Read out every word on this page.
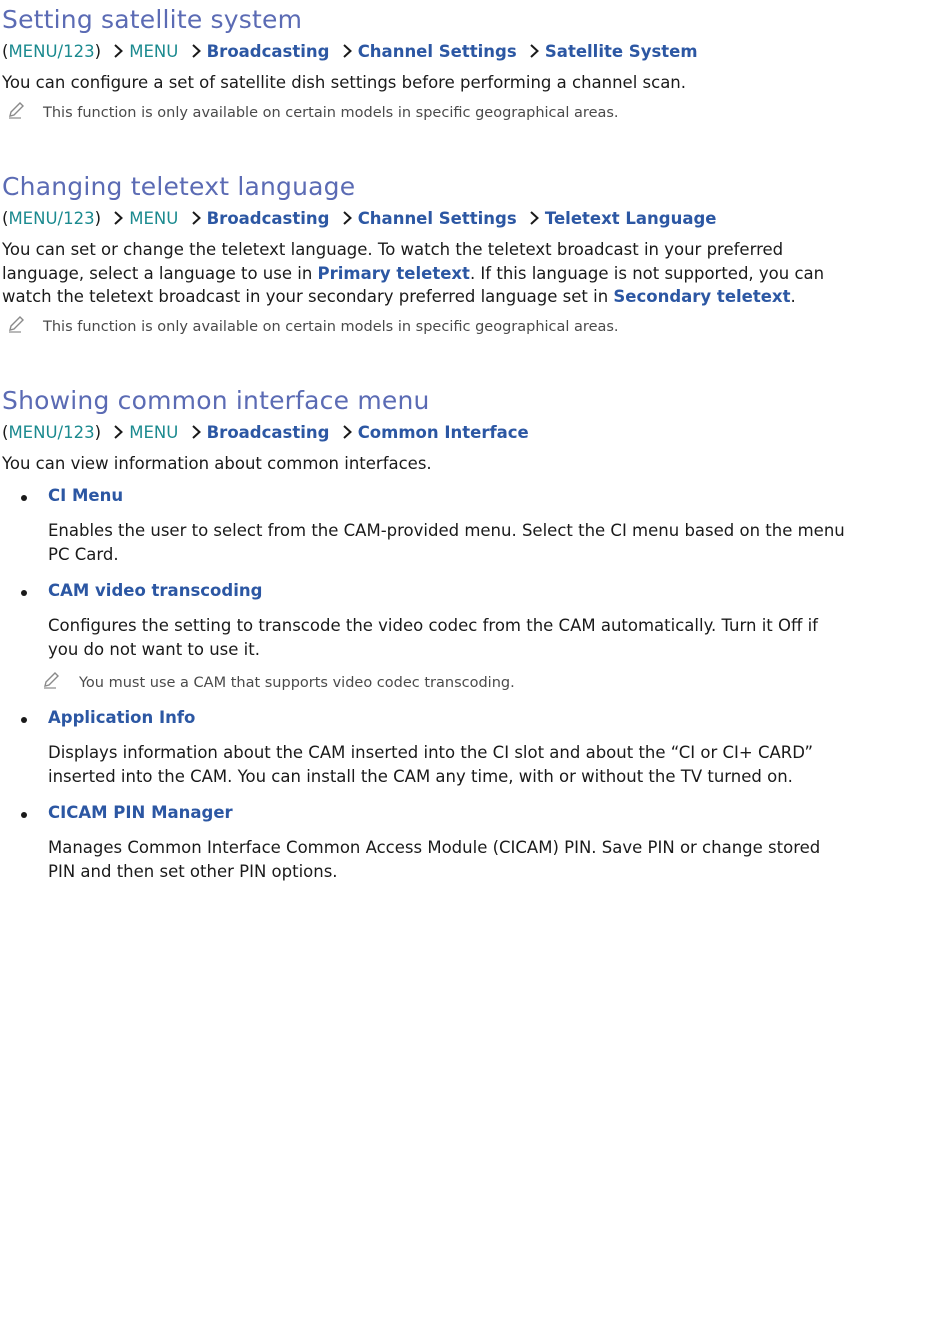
Setting satellite system
(MENU/123) MENU Broadcasting Channel Settings Satellite System
You can configure a set of satellite dish settings before performing a channel scan.
This function is only available on certain models in specific geographical areas.
Changing teletext language
(MENU/123) MENU Broadcasting Channel Settings Teletext Language
You can set or change the teletext language. To watch the teletext broadcast in your preferred
language, select a language to use in Primary teletext. If this language is not supported, you can
watch the teletext broadcast in your secondary preferred language set in Secondary teletext.
This function is only available on certain models in specific geographical areas.
Showing common interface menu
(MENU/123) MENU Broadcasting Common Interface
You can view information about common interfaces.
CI Menu
Enables the user to select from the CAM-provided menu. Select the CI menu based on the menu
PC Card.
CAM video transcoding
Configures the setting to transcode the video codec from the CAM automatically. Turn it Off if
you do not want to use it.
You must use a CAM that supports video codec transcoding.
Application Info
Displays information about the CAM inserted into the CI slot and about the “CI or CI+ CARD”
inserted into the CAM. You can install the CAM any time, with or without the TV turned on.
CICAM PIN Manager
Manages Common Interface Common Access Module (CICAM) PIN. Save PIN or change stored
PIN and then set other PIN options.
